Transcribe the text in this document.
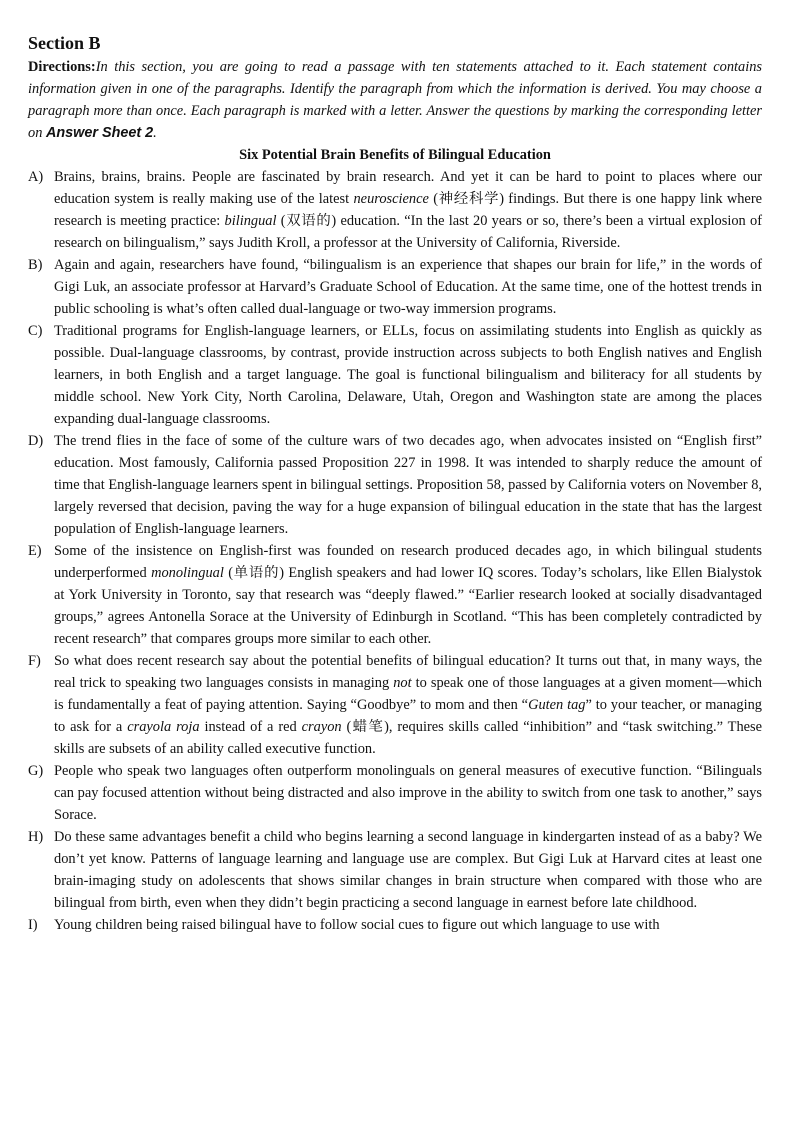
Section B

Directions:In this section, you are going to read a passage with ten statements attached to it. Each statement contains information given in one of the paragraphs. Identify the paragraph from which the information is derived. You may choose a paragraph more than once. Each paragraph is marked with a letter. Answer the questions by marking the corresponding letter on Answer Sheet 2.

Six Potential Brain Benefits of Bilingual Education
A) Brains, brains, brains. People are fascinated by brain research. And yet it can be hard to point to places where our education system is really making use of the latest neuroscience (神经科学) findings. But there is one happy link where research is meeting practice: bilingual (双语的) education. “In the last 20 years or so, there’s been a virtual explosion of research on bilingualism,” says Judith Kroll, a professor at the University of California, Riverside.
B) Again and again, researchers have found, “bilingualism is an experience that shapes our brain for life,” in the words of Gigi Luk, an associate professor at Harvard’s Graduate School of Education. At the same time, one of the hottest trends in public schooling is what’s often called dual-language or two-way immersion programs.
C) Traditional programs for English-language learners, or ELLs, focus on assimilating students into English as quickly as possible. Dual-language classrooms, by contrast, provide instruction across subjects to both English natives and English learners, in both English and a target language. The goal is functional bilingualism and biliteracy for all students by middle school. New York City, North Carolina, Delaware, Utah, Oregon and Washington state are among the places expanding dual-language classrooms.
D) The trend flies in the face of some of the culture wars of two decades ago, when advocates insisted on “English first” education. Most famously, California passed Proposition 227 in 1998. It was intended to sharply reduce the amount of time that English-language learners spent in bilingual settings. Proposition 58, passed by California voters on November 8, largely reversed that decision, paving the way for a huge expansion of bilingual education in the state that has the largest population of English-language learners.
E) Some of the insistence on English-first was founded on research produced decades ago, in which bilingual students underperformed monolingual (单语的) English speakers and had lower IQ scores. Today’s scholars, like Ellen Bialystok at York University in Toronto, say that research was “deeply flawed.” “Earlier research looked at socially disadvantaged groups,” agrees Antonella Sorace at the University of Edinburgh in Scotland. “This has been completely contradicted by recent research” that compares groups more similar to each other.
F) So what does recent research say about the potential benefits of bilingual education? It turns out that, in many ways, the real trick to speaking two languages consists in managing not to speak one of those languages at a given moment—which is fundamentally a feat of paying attention. Saying “Goodbye” to mom and then “Guten tag” to your teacher, or managing to ask for a crayola roja instead of a red crayon (蜡笔), requires skills called “inhibition” and “task switching.” These skills are subsets of an ability called executive function.
G) People who speak two languages often outperform monolinguals on general measures of executive function. “Bilinguals can pay focused attention without being distracted and also improve in the ability to switch from one task to another,” says Sorace.
H) Do these same advantages benefit a child who begins learning a second language in kindergarten instead of as a baby? We don’t yet know. Patterns of language learning and language use are complex. But Gigi Luk at Harvard cites at least one brain-imaging study on adolescents that shows similar changes in brain structure when compared with those who are bilingual from birth, even when they didn’t begin practicing a second language in earnest before late childhood.
I)	Young children being raised bilingual have to follow social cues to figure out which language to use with
